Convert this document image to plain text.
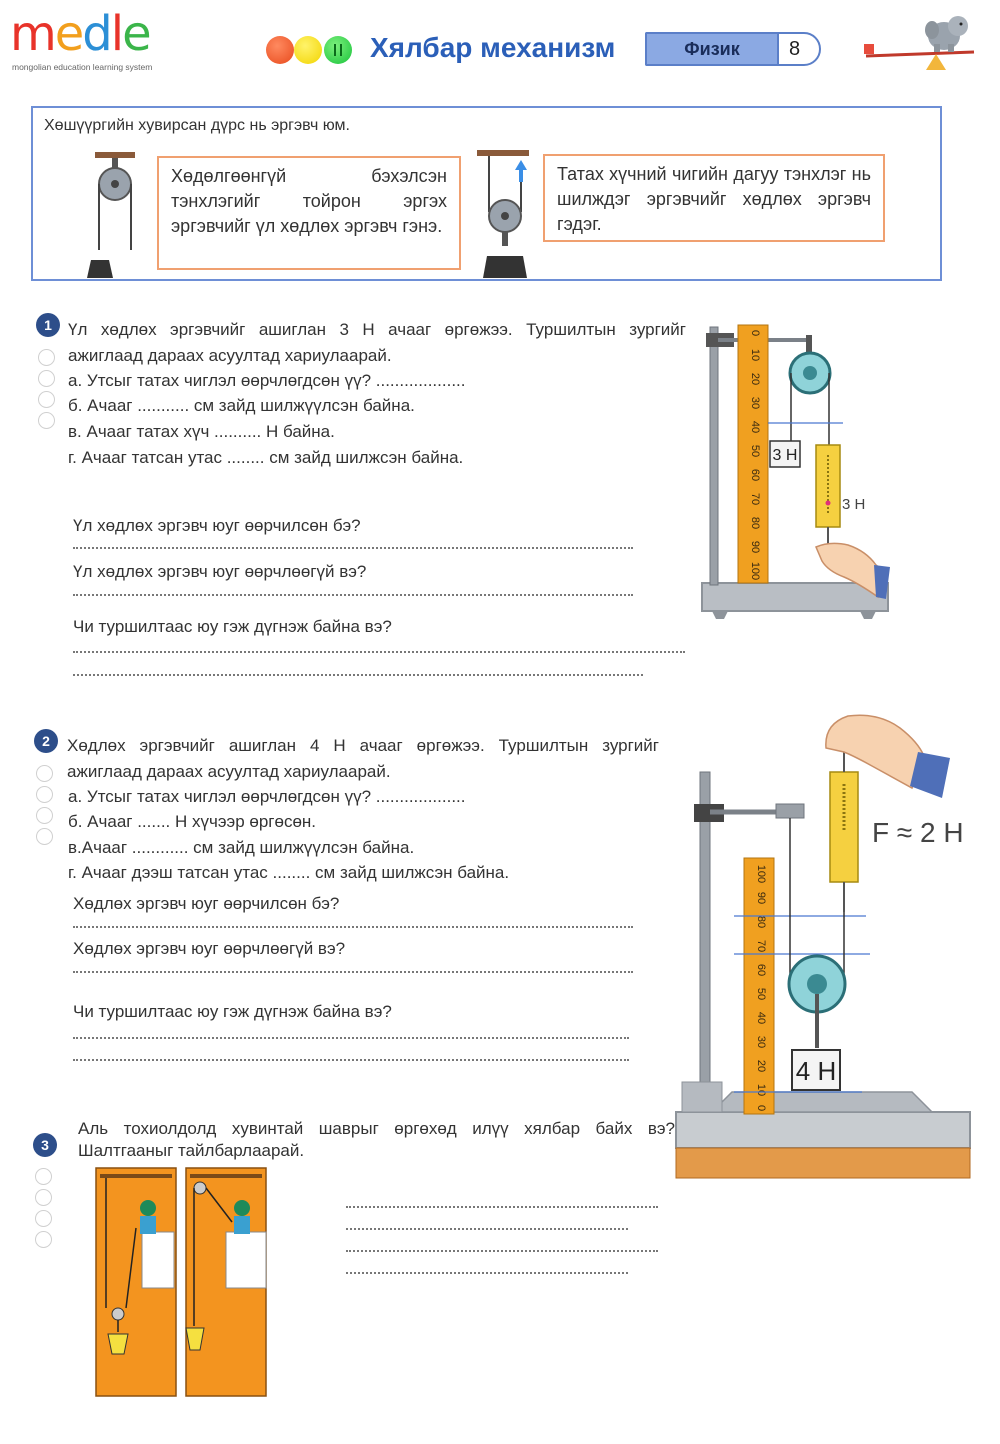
medle
mongolian education learning system
Хялбар механизм	Физик	8
Хөшүүргийн хувирсан дүрс нь эргэвч юм.
Хөдөлгөөнгүй бэхэлсэн тэнхлэгийг тойрон эргэх эргэвчийг үл хөдлөх эргэвч гэнэ.
Татах хүчний чигийн дагуу тэнхлэг нь шилждэг эргэвчийг хөдлөх эргэвч гэдэг.
1 Үл хөдлөх эргэвчийг ашиглан 3 Н ачааг өргөжээ. Туршилтын зургийг ажиглаад дараах асуултад хариулаарай.
а. Утсыг татах чиглэл өөрчлөгдсөн үү? ...................
б. Ачааг ........... см зайд шилжүүлсэн байна.
в. Ачааг татах хүч .......... Н байна.
г. Ачааг татсан утас ........ см зайд шилжсэн байна.
Үл хөдлөх эргэвч юуг өөрчилсөн бэ?
Үл хөдлөх эргэвч юуг өөрчлөөгүй вэ?
Чи туршилтаас юу гэж дүгнэж байна вэ?
0
10
20
30
40
50
60
70
80
90
100
3 Н
3 Н
2	Хөдлөх эргэвчийг ашиглан 4 Н ачааг өргөжээ. Туршилтын зургийг ажиглаад дараах асуултад хариулаарай.
а. Утсыг татах чиглэл өөрчлөгдсөн үү? ...................
б. Ачааг ....... Н хүчээр өргөсөн.
в.Ачааг ............ см зайд шилжүүлсэн байна.
г. Ачааг дээш татсан утас ........ см зайд шилжсэн байна.
Хөдлөх эргэвч юуг өөрчилсөн бэ?
Хөдлөх эргэвч юуг өөрчлөөгүй вэ?
Чи туршилтаас юу гэж дүгнэж байна вэ?
100
90
80
70
60
50
40
30
20
10
0
4 Н
F ≈ 2 Н
3
Аль тохиолдолд хувинтай шаврыг өргөхөд илүү хялбар байх вэ? Шалтгааныг тайлбарлаарай.
